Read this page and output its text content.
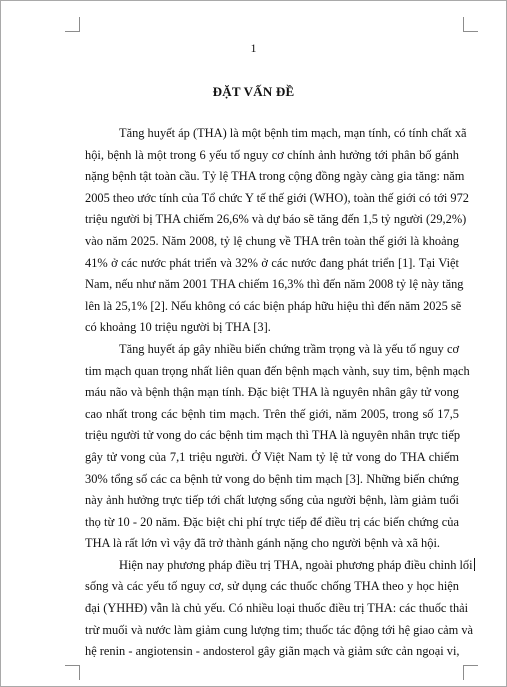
1
ĐẶT VẤN ĐỀ
Tăng huyết áp (THA) là một bệnh tim mạch, mạn tính, có tính chất xã
hội, bệnh là một trong 6 yếu tố nguy cơ chính ảnh hưởng tới phân bố gánh
nặng bệnh tật toàn cầu. Tỷ lệ THA trong cộng đồng ngày càng gia tăng: năm
2005 theo ước tính của Tổ chức Y tế thế giới (WHO), toàn thế giới có tới 972
triệu người bị THA chiếm 26,6% và dự báo sẽ tăng đến 1,5 tỷ người (29,2%)
vào năm 2025. Năm 2008, tỷ lệ chung về THA trên toàn thế giới là khoảng
41% ở các nước phát triển và 32% ở các nước đang phát triển [1]. Tại Việt
Nam, nếu như năm 2001 THA chiếm 16,3% thì đến năm 2008 tỷ lệ này tăng
lên là 25,1% [2]. Nếu không có các biện pháp hữu hiệu thì đến năm 2025 sẽ
có khoảng 10 triệu người bị THA [3].
Tăng huyết áp gây nhiều biến chứng trầm trọng và là yếu tố nguy cơ
tim mạch quan trọng nhất liên quan đến bệnh mạch vành, suy tim, bệnh mạch
máu não và bệnh thận mạn tính. Đặc biệt THA là nguyên nhân gây tử vong
cao nhất trong các bệnh tim mạch. Trên thế giới, năm 2005, trong số 17,5
triệu người tử vong do các bệnh tim mạch thì THA là nguyên nhân trực tiếp
gây tử vong của 7,1 triệu người. Ở Việt Nam tỷ lệ tử vong do THA chiếm
30% tổng số các ca bệnh tử vong do bệnh tim mạch [3]. Những biến chứng
này ảnh hưởng trực tiếp tới chất lượng sống của người bệnh, làm giảm tuổi
thọ từ 10 - 20 năm. Đặc biệt chi phí trực tiếp để điều trị các biến chứng của
THA là rất lớn vì vậy đã trở thành gánh nặng cho người bệnh và xã hội.
Hiện nay phương pháp điều trị THA, ngoài phương pháp điều chỉnh lối
sống và các yếu tố nguy cơ, sử dụng các thuốc chống THA theo y học hiện
đại (YHHĐ) vẫn là chủ yếu. Có nhiều loại thuốc điều trị THA: các thuốc thải
trừ muối và nước làm giảm cung lượng tim; thuốc tác động tới hệ giao cảm và
hệ renin - angiotensin - andosterol gây giãn mạch và giảm sức cản ngoại vi,
